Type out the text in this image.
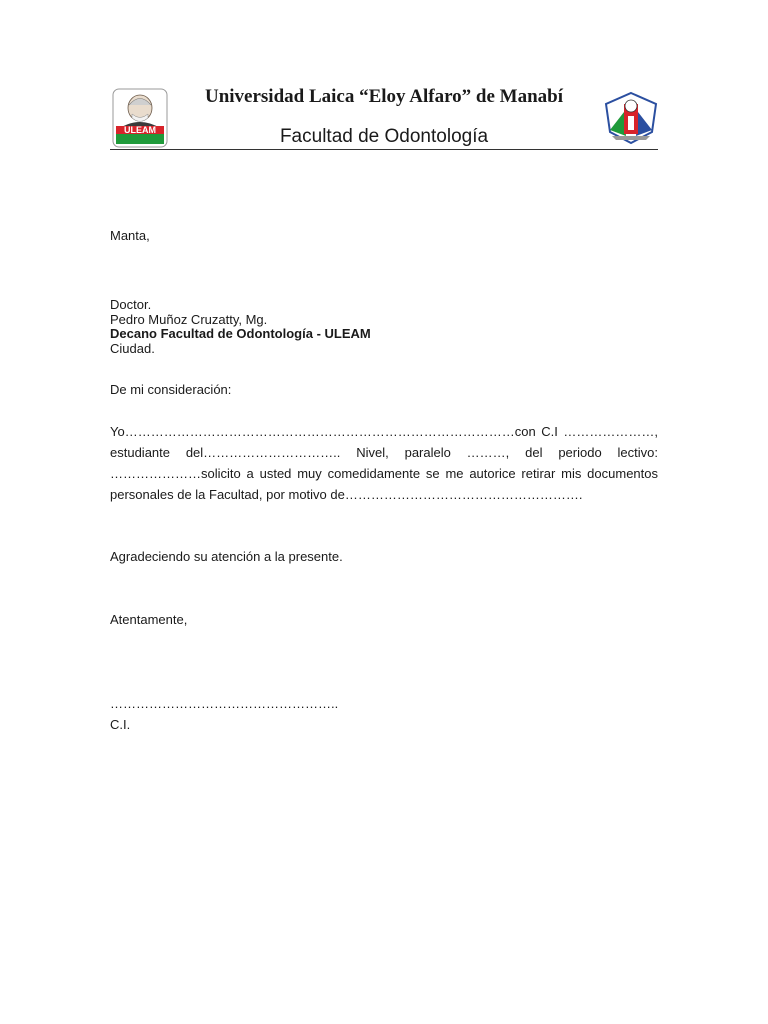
ULEAM
Universidad Laica “Eloy Alfaro” de Manabí
Facultad de Odontología
Manta,
Doctor.
Pedro Muñoz Cruzatty, Mg.
Decano Facultad de Odontología - ULEAM
Ciudad.
De mi consideración:
Yo………………………………………………………………………………con C.I …………………, estudiante del………………………….. Nivel, paralelo ………, del periodo lectivo: …………………solicito a usted muy comedidamente se me autorice retirar mis documentos personales de la Facultad, por motivo de……………………………………………….
Agradeciendo su atención a la presente.
Atentamente,
……………………………………………..
C.I.
